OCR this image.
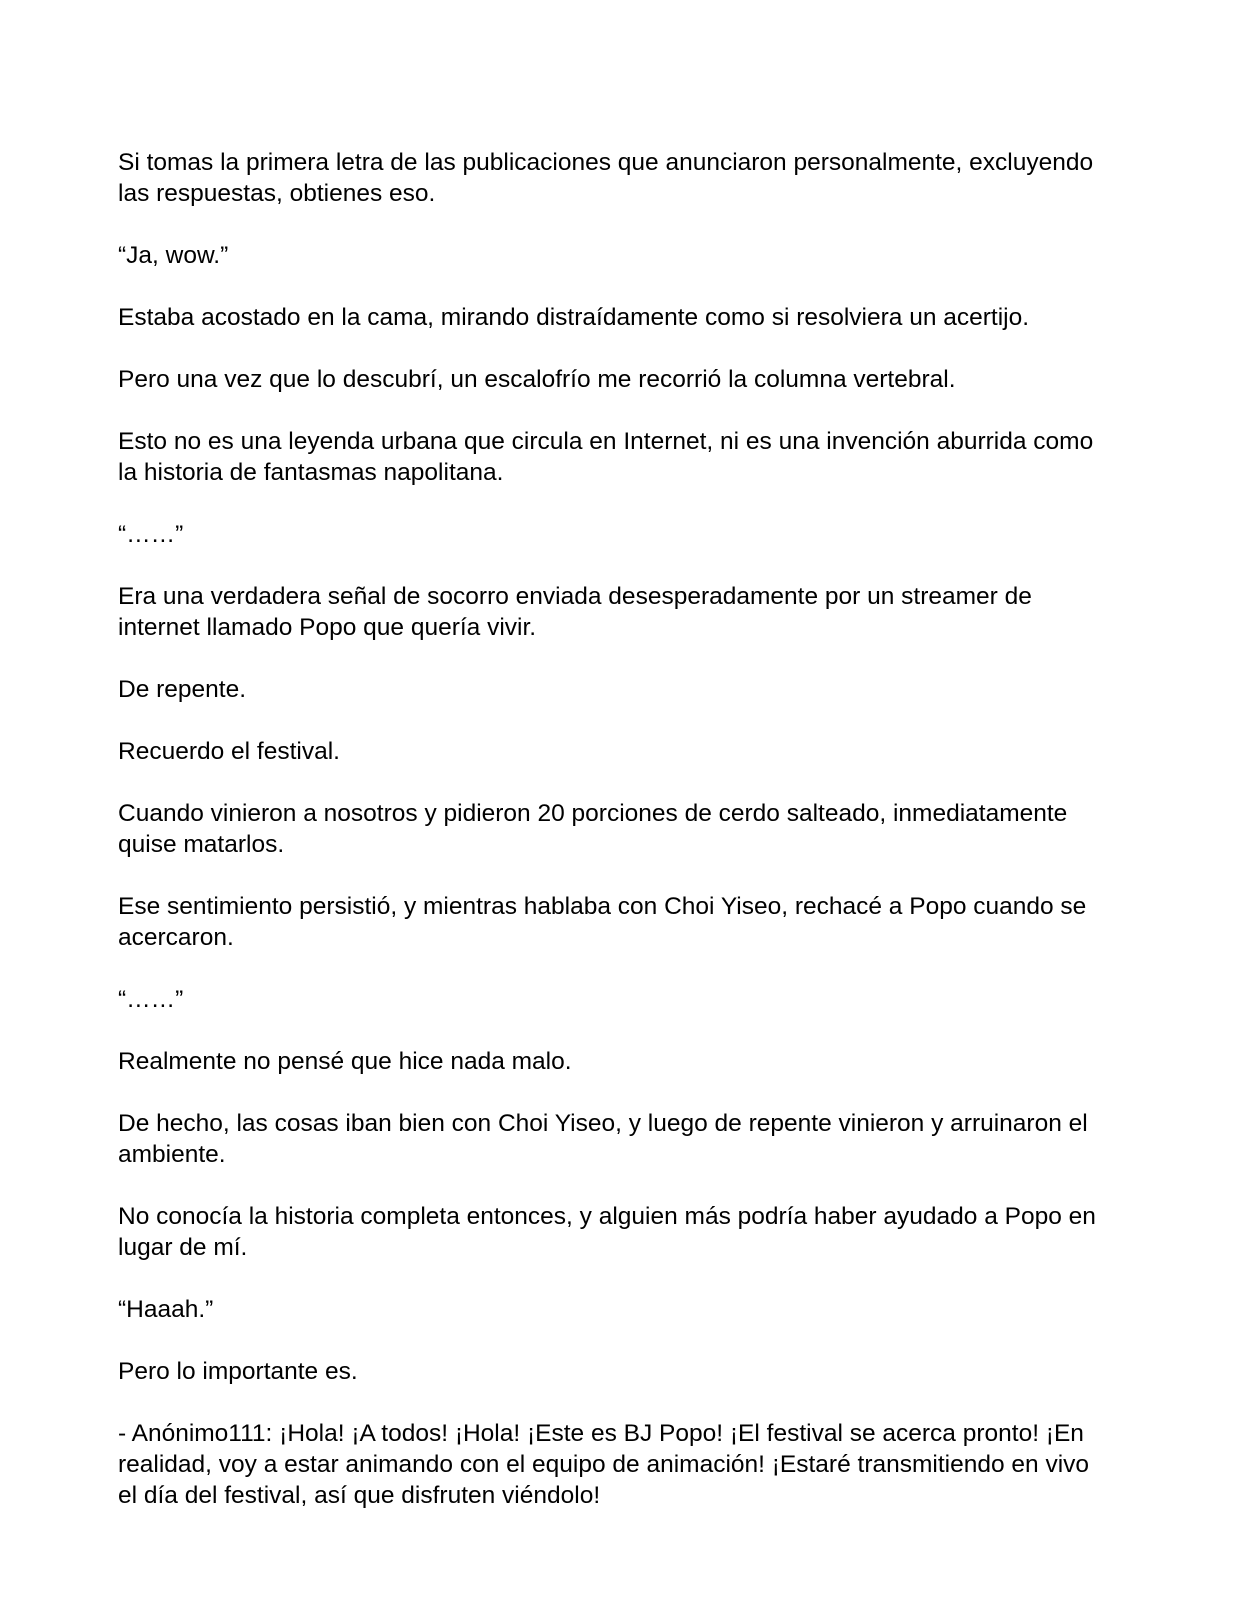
Si tomas la primera letra de las publicaciones que anunciaron personalmente, excluyendo las respuestas, obtienes eso.

“Ja, wow.”

Estaba acostado en la cama, mirando distraídamente como si resolviera un acertijo.

Pero una vez que lo descubrí, un escalofrío me recorrió la columna vertebral.

Esto no es una leyenda urbana que circula en Internet, ni es una invención aburrida como la historia de fantasmas napolitana.

“……”

Era una verdadera señal de socorro enviada desesperadamente por un streamer de internet llamado Popo que quería vivir.

De repente.

Recuerdo el festival.

Cuando vinieron a nosotros y pidieron 20 porciones de cerdo salteado, inmediatamente quise matarlos.

Ese sentimiento persistió, y mientras hablaba con Choi Yiseo, rechacé a Popo cuando se acercaron.

“……”

Realmente no pensé que hice nada malo.

De hecho, las cosas iban bien con Choi Yiseo, y luego de repente vinieron y arruinaron el ambiente.

No conocía la historia completa entonces, y alguien más podría haber ayudado a Popo en lugar de mí.

“Haaah.”

Pero lo importante es.

- Anónimo111: ¡Hola! ¡A todos! ¡Hola! ¡Este es BJ Popo! ¡El festival se acerca pronto! ¡En realidad, voy a estar animando con el equipo de animación! ¡Estaré transmitiendo en vivo el día del festival, así que disfruten viéndolo!
